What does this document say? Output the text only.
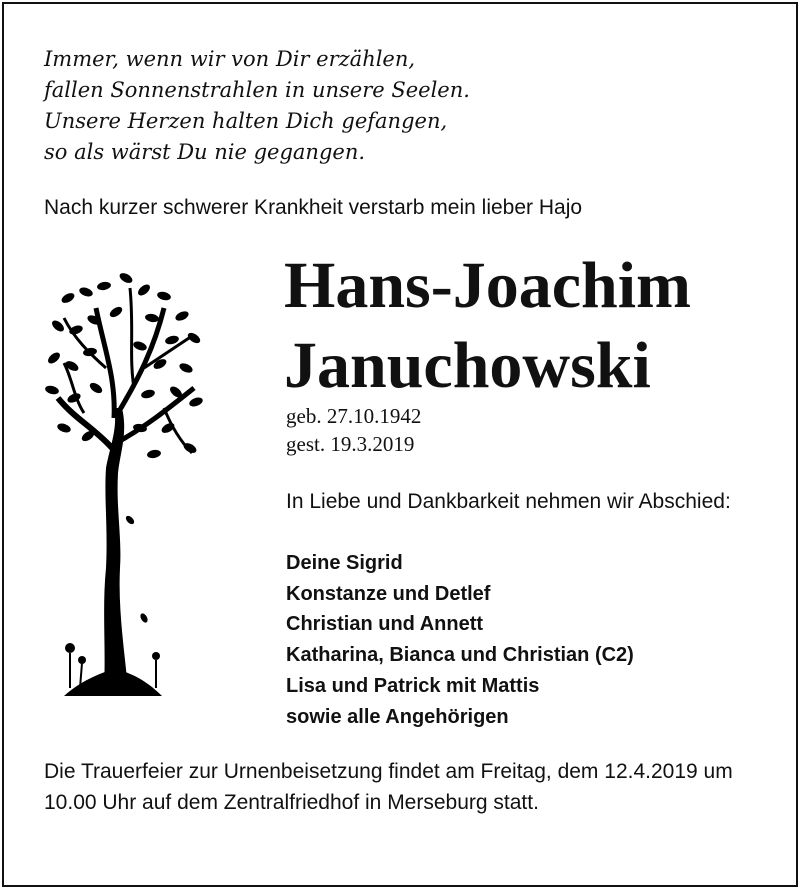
Immer, wenn wir von Dir erzählen,
fallen Sonnenstrahlen in unsere Seelen.
Unsere Herzen halten Dich gefangen,
so als wärst Du nie gegangen.
Nach kurzer schwerer Krankheit verstarb mein lieber Hajo
Hans-Joachim
Januchowski
geb. 27.10.1942
gest. 19.3.2019
In Liebe und Dankbarkeit nehmen wir Abschied:
Deine Sigrid
Konstanze und Detlef
Christian und Annett
Katharina, Bianca und Christian (C2)
Lisa und Patrick mit Mattis
sowie alle Angehörigen
Die Trauerfeier zur Urnenbeisetzung findet am Freitag, dem 12.4.2019 um 10.00 Uhr auf dem Zentralfriedhof in Merseburg statt.
